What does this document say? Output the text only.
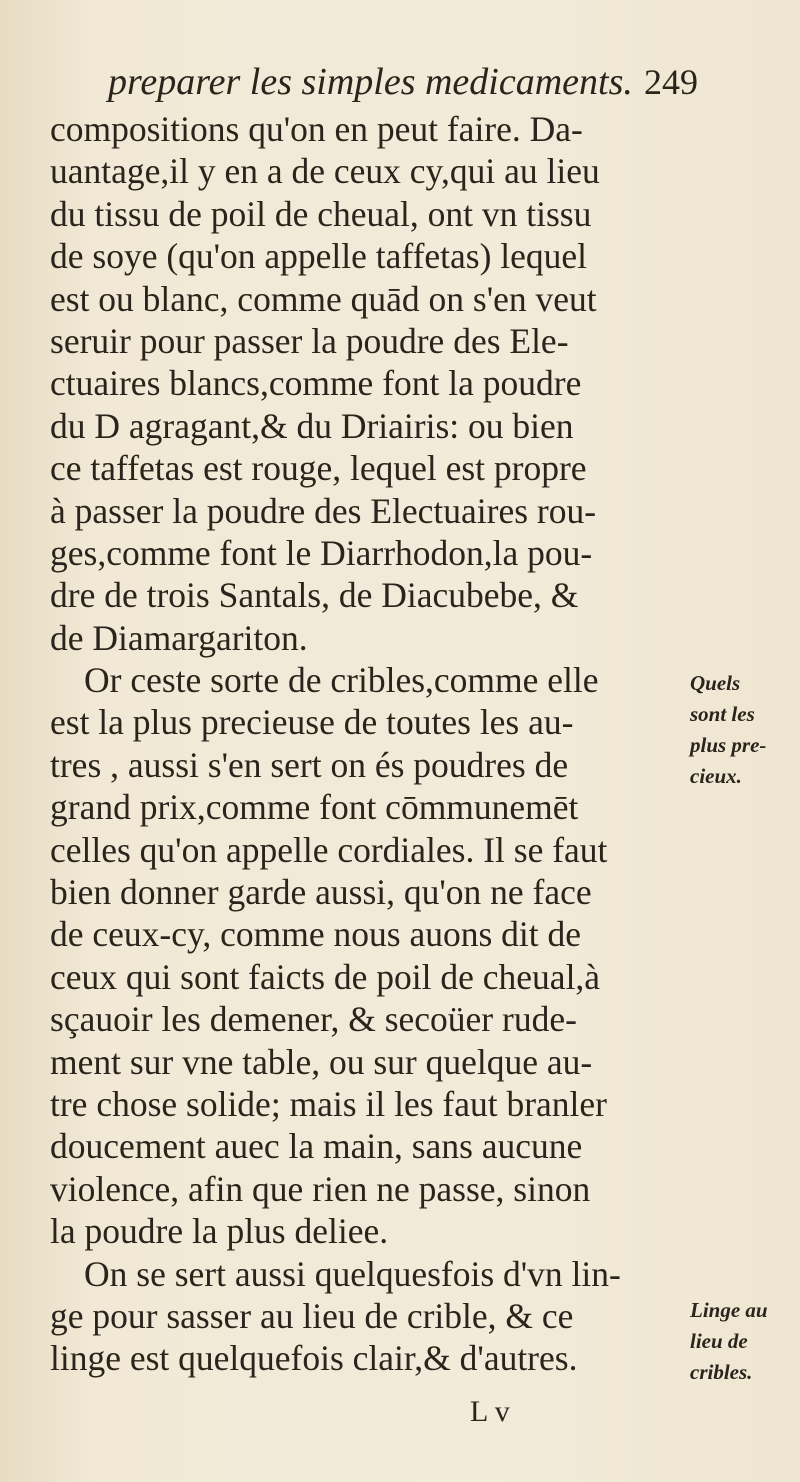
preparer les simples medicaments. 249
compositions qu'on en peut faire. Da-
uantage,il y en a de ceux cy,qui au lieu
du tissu de poil de cheual, ont vn tissu
de soye (qu'on appelle taffetas) lequel
est ou blanc, comme quād on s'en veut
seruir pour passer la poudre des Ele-
ctuaires blancs,comme font la poudre
du D agragant,& du Driairis: ou bien
ce taffetas est rouge, lequel est propre
à passer la poudre des Electuaires rou-
ges,comme font le Diarrhodon,la pou-
dre de trois Santals, de Diacubebe, &
de Diamargariton.
Or ceste sorte de cribles,comme elle
est la plus precieuse de toutes les au-
tres , aussi s'en sert on és poudres de
grand prix,comme font cōmmunemēt
celles qu'on appelle cordiales. Il se faut
bien donner garde aussi, qu'on ne face
de ceux-cy, comme nous auons dit de
ceux qui sont faicts de poil de cheual,à
sçauoir les demener, & secoüer rude-
ment sur vne table, ou sur quelque au-
tre chose solide; mais il les faut branler
doucement auec la main, sans aucune
violence, afin que rien ne passe, sinon
la poudre la plus deliee.
On se sert aussi quelquesfois d'vn lin-
ge pour sasser au lieu de crible, & ce
linge est quelquefois clair,& d'autres.
Quels
sont les
plus pre-
cieux.
Linge au
lieu de
cribles.
L v
